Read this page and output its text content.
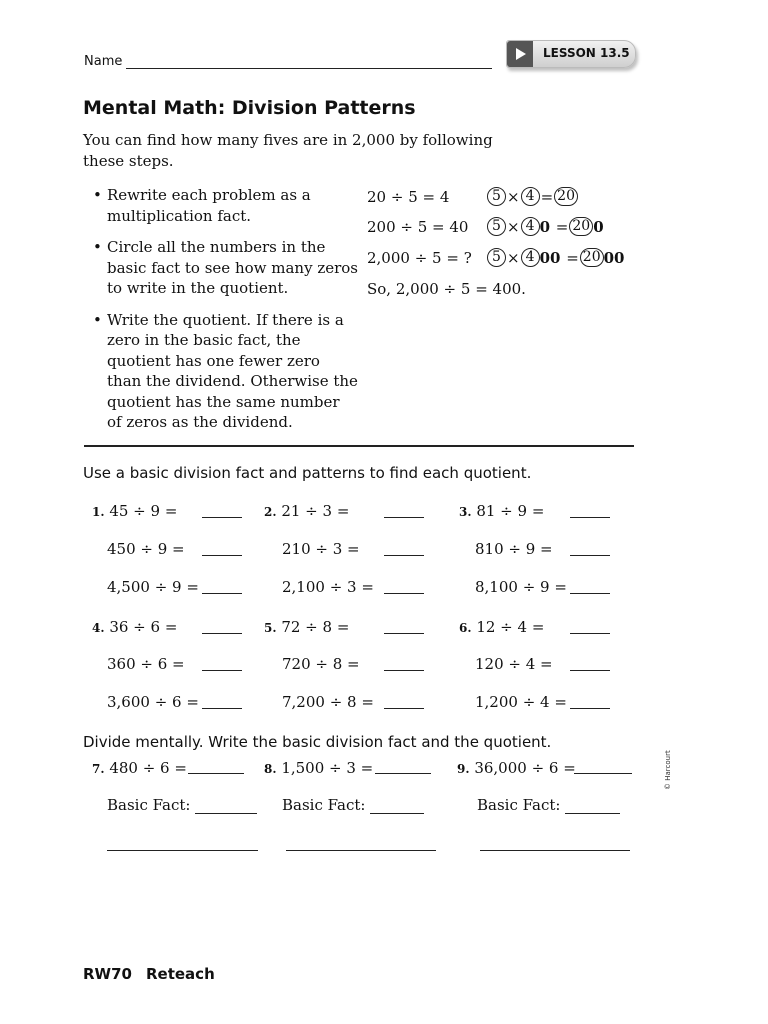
Name
LESSON 13.5
Mental Math: Division Patterns
You can find how many fives are in 2,000 by following these steps.
• Rewrite each problem as a multiplication fact.
• Circle all the numbers in the basic fact to see how many zeros to write in the quotient.
• Write the quotient. If there is a zero in the basic fact, the quotient has one fewer zero than the dividend. Otherwise the quotient has the same number of zeros as the dividend.
20 ÷ 5 = 4	5 × 4 = 20
200 ÷ 5 = 40	5 × 4 0 = 20 0
2,000 ÷ 5 = ?	5 × 4 00 = 20 00
So, 2,000 ÷ 5 = 400.
Use a basic division fact and patterns to find each quotient.
1. 45 ÷ 9 =
450 ÷ 9 =
4,500 ÷ 9 =
2. 21 ÷ 3 =
210 ÷ 3 =
2,100 ÷ 3 =
3. 81 ÷ 9 =
810 ÷ 9 =
8,100 ÷ 9 =
4. 36 ÷ 6 =
360 ÷ 6 =
3,600 ÷ 6 =
5. 72 ÷ 8 =
720 ÷ 8 =
7,200 ÷ 8 =
6. 12 ÷ 4 =
120 ÷ 4 =
1,200 ÷ 4 =
Divide mentally. Write the basic division fact and the quotient.
7. 480 ÷ 6 =	8. 1,500 ÷ 3 =	9. 36,000 ÷ 6 =
Basic Fact:	Basic Fact:	Basic Fact:
© Harcourt
RW70 Reteach
